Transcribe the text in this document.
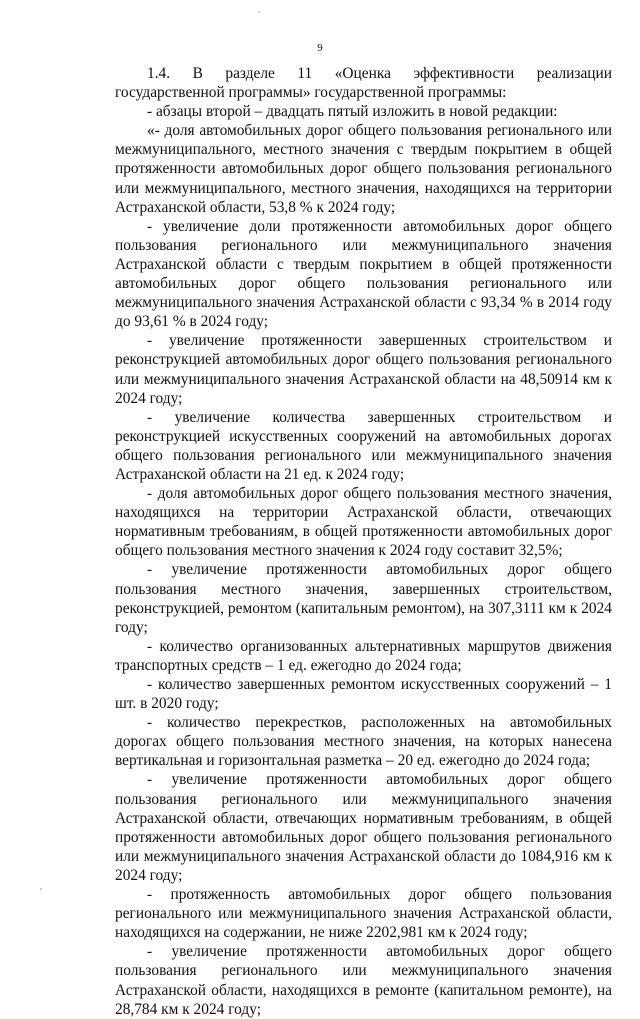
9

1.4. В разделе 11 «Оценка эффективности реализации государственной программы» государственной программы:

- абзацы второй – двадцать пятый изложить в новой редакции:

«- доля автомобильных дорог общего пользования регионального или межмуниципального, местного значения с твердым покрытием в общей протяженности автомобильных дорог общего пользования регионального или межмуниципального, местного значения, находящихся на территории Астраханской области, 53,8 % к 2024 году;

- увеличение доли протяженности автомобильных дорог общего пользования регионального или межмуниципального значения Астраханской области с твердым покрытием в общей протяженности автомобильных дорог общего пользования регионального или межмуниципального значения Астраханской области с 93,34 % в 2014 году до 93,61 % в 2024 году;

- увеличение протяженности завершенных строительством и реконструкцией автомобильных дорог общего пользования регионального или межмуниципального значения Астраханской области на 48,50914 км к 2024 году;

- увеличение количества завершенных строительством и реконструкцией искусственных сооружений на автомобильных дорогах общего пользования регионального или межмуниципального значения Астраханской области на 21 ед. к 2024 году;

- доля автомобильных дорог общего пользования местного значения, находящихся на территории Астраханской области, отвечающих нормативным требованиям, в общей протяженности автомобильных дорог общего пользования местного значения к 2024 году составит 32,5%;

- увеличение протяженности автомобильных дорог общего пользования местного значения, завершенных строительством, реконструкцией, ремонтом (капитальным ремонтом), на 307,3111 км к 2024 году;

- количество организованных альтернативных маршрутов движения транспортных средств – 1 ед. ежегодно до 2024 года;

- количество завершенных ремонтом искусственных сооружений – 1 шт. в 2020 году;

- количество перекрестков, расположенных на автомобильных дорогах общего пользования местного значения, на которых нанесена вертикальная и горизонтальная разметка – 20 ед. ежегодно до 2024 года;

- увеличение протяженности автомобильных дорог общего пользования регионального или межмуниципального значения Астраханской области, отвечающих нормативным требованиям, в общей протяженности автомобильных дорог общего пользования регионального или межмуниципального значения Астраханской области до 1084,916 км к 2024 году;

- протяженность автомобильных дорог общего пользования регионального или межмуниципального значения Астраханской области, находящихся на содержании, не ниже 2202,981 км к 2024 году;

- увеличение протяженности автомобильных дорог общего пользования регионального или межмуниципального значения Астраханской области, находящихся в ремонте (капитальном ремонте), на 28,784 км к 2024 году;
